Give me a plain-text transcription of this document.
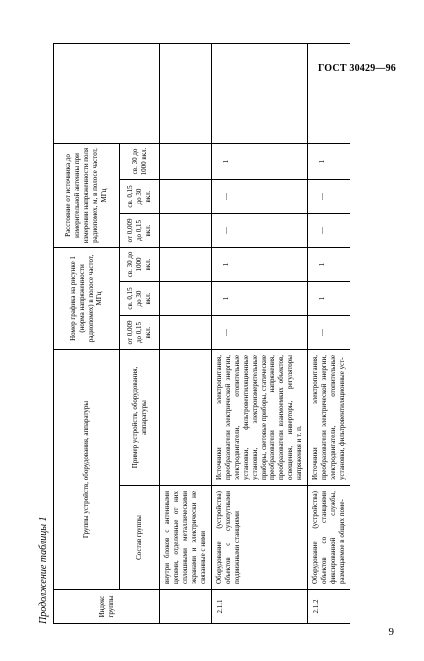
ГОСТ 30429—96
Продолжение таблицы 1	Индекс группы	Группы устройств, оборудования, аппаратуры		Номер графика на рисунке 1 (норма напряженности радиопомех) в полосе частот, МГц			Расстояние от источника до измерительной антенны при измерении напряженности поля радиопомех, м, в полосе частот, МГц			
	Состав группы	Пример устройств, оборудования, аппаратуры	от 0,009 до 0,15 вкл.	св. 0,15 до 30 вкл.	св. 30 до 1000 вкл.	от 0,009 до 0,15 вкл.	св. 0,15 до 30 вкл.	св. 30 до 1000 вкл.	
	внутри блоков с антенными цепями, отделенные от них сплошными металлическими экранами и электрически не связанные с ними								
2.1.1	Оборудование (устройства) объектов с сухопутными подвижными станциями	Источники электропитания, преобразователи электрической энергии, электродвигатели, отопительные установки, фильтровентиляционные установки, электроизмерительные приборы, световые приборы, статические преобразователи напряжения, преобразователи взаимоемких объектов, освещения, инверторы, регуляторы напряжения и т. п.	—	1	1	—	—	1	
2.1.2	Оборудование (устройства) объектов со станциями фиксированной службы, размещаемое в общих поме-	Источники электропитания, преобразователи электрической энергии, электродвигатели, отопительные установки, фильтровентиляционные уст-	—	1	1	—	—	1	
9
